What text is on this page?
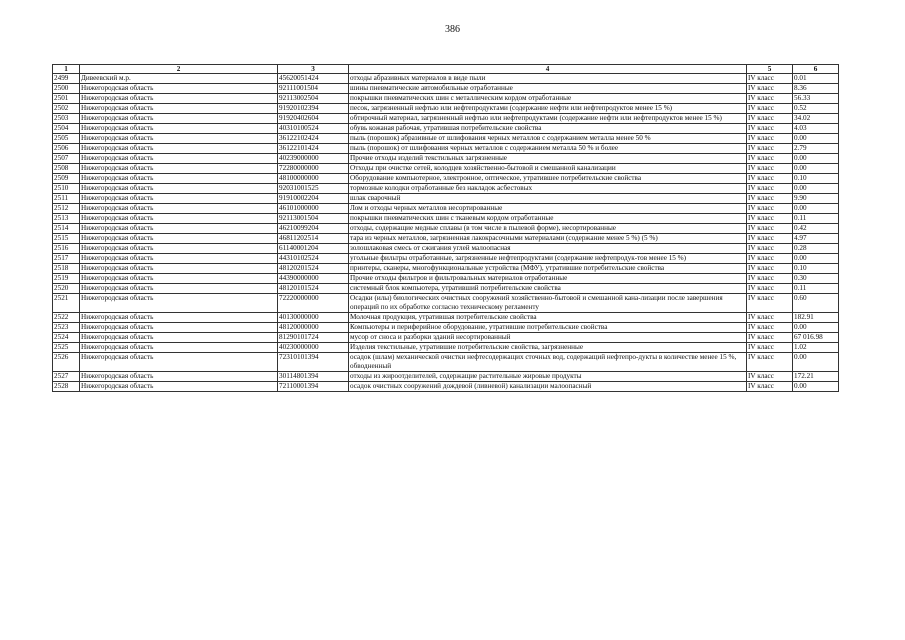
386
1	2	3	4	5	6
2499	Дивеевский м.р.	45620051424	отходы абразивных материалов в виде пыли	IV класс	0.01
2500	Нижегородская область	92111001504	шины пневматические автомобильные отработанные	IV класс	8.36
2501	Нижегородская область	92113002504	покрышки пневматических шин с металлическим кордом отработанные	IV класс	56.33
2502	Нижегородская область	91920102394	песок, загрязненный нефтью или нефтепродуктами (содержание нефти или нефтепродуктов менее 15 %)	IV класс	0.52
2503	Нижегородская область	91920402604	обтирочный материал, загрязненный нефтью или нефтепродуктами (содержание нефти или нефтепродуктов менее 15 %)	IV класс	34.02
2504	Нижегородская область	40310100524	обувь кожаная рабочая, утратившая потребительские свойства	IV класс	4.03
2505	Нижегородская область	36122102424	пыль (порошок) абразивные от шлифования черных металлов с содержанием металла менее 50 %	IV класс	0.00
2506	Нижегородская область	36122101424	пыль (порошок) от шлифования черных металлов с содержанием металла 50 % и более	IV класс	2.79
2507	Нижегородская область	40239000000	Прочие отходы изделий текстильных загрязненные	IV класс	0.00
2508	Нижегородская область	72280000000	Отходы при очистке сетей, колодцев хозяйственно-бытовой и смешанной канализации	IV класс	0.00
2509	Нижегородская область	48100000000	Оборудование компьютерное, электронное, оптическое, утратившее потребительские свойства	IV класс	0.10
2510	Нижегородская область	92031001525	тормозные колодки отработанные без накладок асбестовых	IV класс	0.00
2511	Нижегородская область	91910002204	шлак сварочный	IV класс	9.90
2512	Нижегородская область	46101000000	Лом и отходы черных металлов несортированные	IV класс	0.00
2513	Нижегородская область	92113001504	покрышки пневматических шин с тканевым кордом отработанные	IV класс	0.11
2514	Нижегородская область	46210099204	отходы, содержащие медные сплавы (в том числе в пылевой форме), несортированные	IV класс	0.42
2515	Нижегородская область	46811202514	тара из черных металлов, загрязненная лакокрасочными материалами (содержание менее 5 %) (5 %)	IV класс	4.97
2516	Нижегородская область	61140001204	золошлаковая смесь от сжигания углей малоопасная	IV класс	0.28
2517	Нижегородская область	44310102524	угольные фильтры отработанные, загрязненные нефтепродуктами (содержание нефтепродук-тов менее 15 %)	IV класс	0.00
2518	Нижегородская область	48120201524	принтеры, сканеры, многофункциональные устройства (МФУ), утратившие потребительские свойства	IV класс	0.10
2519	Нижегородская область	44390000000	Прочие отходы фильтров и фильтровальных материалов отработанные	IV класс	0.30
2520	Нижегородская область	48120101524	системный блок компьютера, утративший потребительские свойства	IV класс	0.11
2521	Нижегородская область	72220000000	Осадки (илы) биологических очистных сооружений хозяйственно-бытовой и смешанной кана-лизации после завершения операций по их обработке согласно техническому регламенту	IV класс	0.60
2522	Нижегородская область	40130000000	Молочная продукция, утратившая потребительские свойства	IV класс	182.91
2523	Нижегородская область	48120000000	Компьютеры и периферийное оборудование, утратившие потребительские свойства	IV класс	0.00
2524	Нижегородская область	81290101724	мусор от сноса и разборки зданий несортированный	IV класс	67 016.98
2525	Нижегородская область	40230000000	Изделия текстильные, утратившие потребительские свойства, загрязненные	IV класс	1.02
2526	Нижегородская область	72310101394	осадок (шлам) механической очистки нефтесодержащих сточных вод, содержащий нефтепро-дукты в количестве менее 15 %, обводненный	IV класс	0.00
2527	Нижегородская область	30114801394	отходы из жироотделителей, содержащие растительные жировые продукты	IV класс	172.21
2528	Нижегородская область	72110001394	осадок очистных сооружений дождевой (ливневой) канализации малоопасный	IV класс	0.00
